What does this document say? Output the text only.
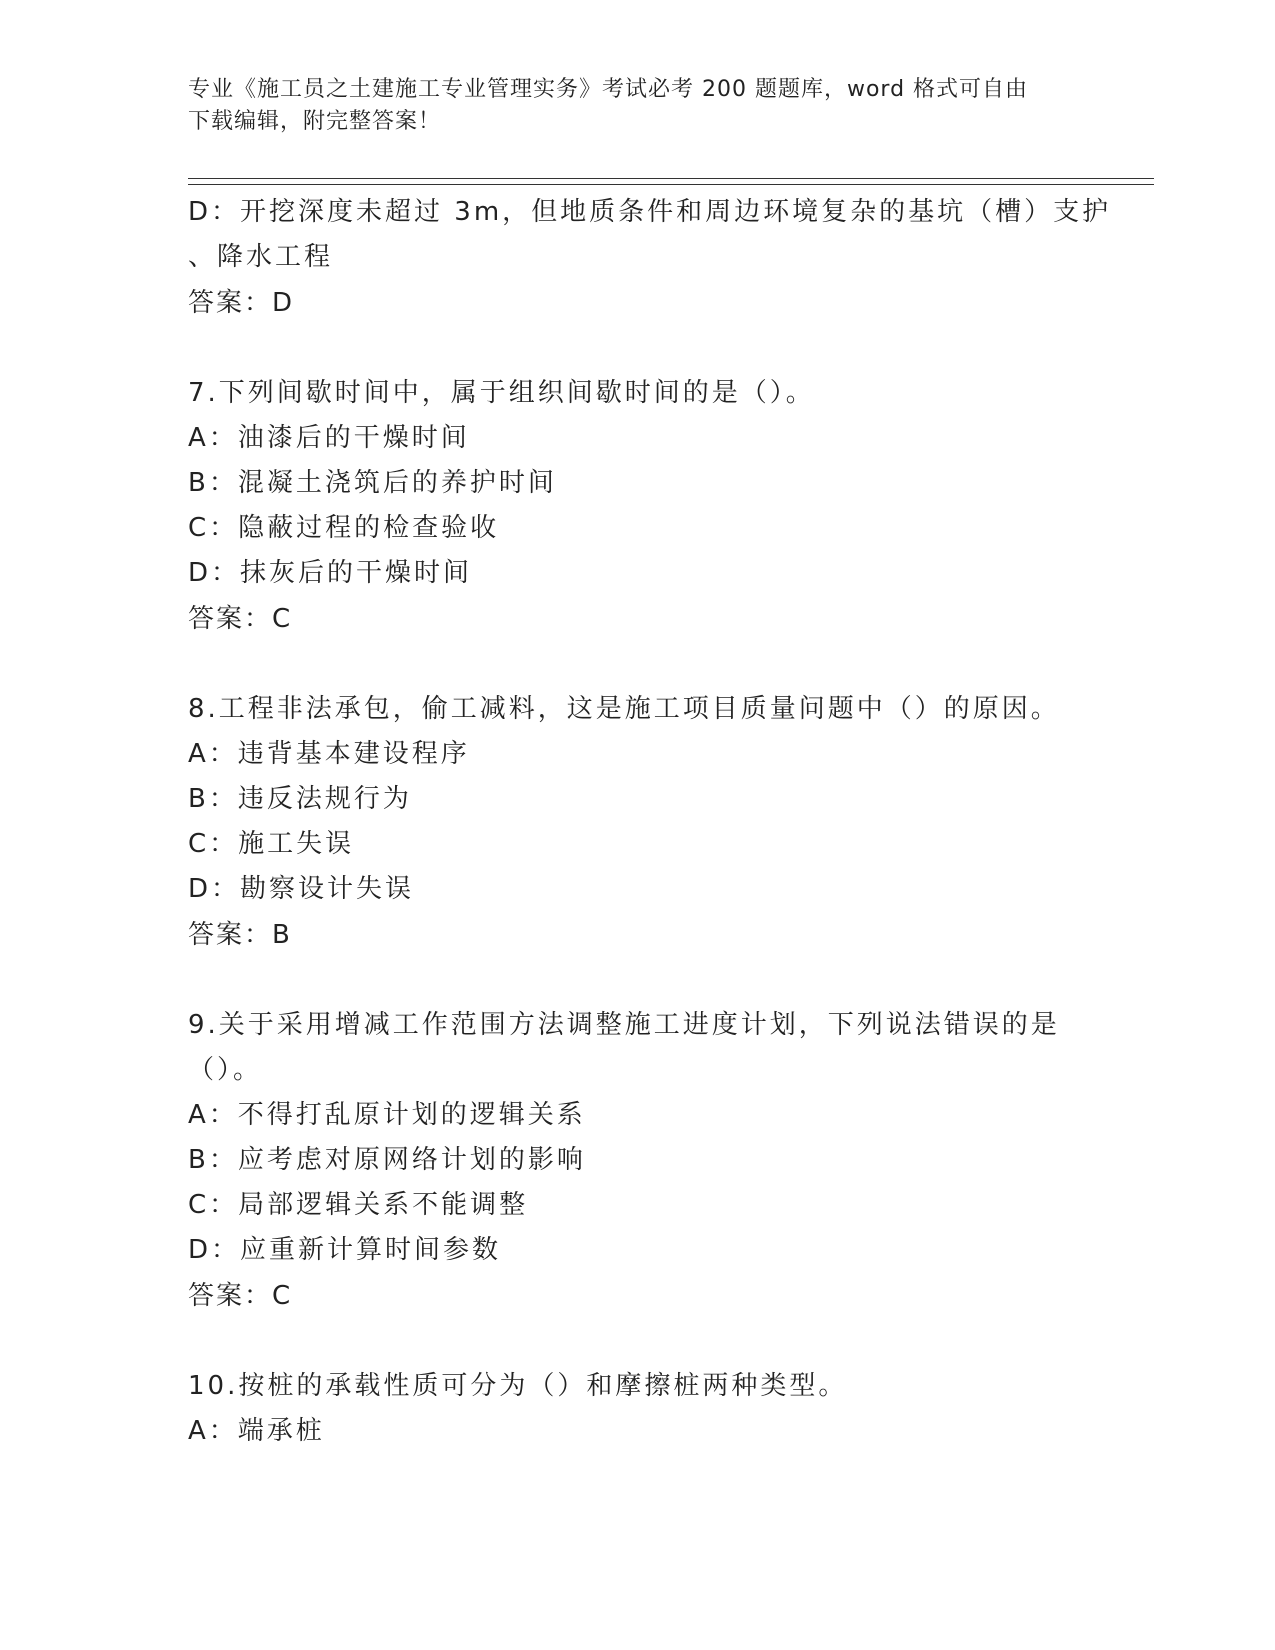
专业《施工员之土建施工专业管理实务》考试必考 200 题题库，word 格式可自由
下载编辑，附完整答案！
D：开挖深度未超过 3m，但地质条件和周边环境复杂的基坑（槽）支护
、降水工程
答案：D
7.下列间歇时间中，属于组织间歇时间的是（）。
A：油漆后的干燥时间
B：混凝土浇筑后的养护时间
C：隐蔽过程的检查验收
D：抹灰后的干燥时间
答案：C
8.工程非法承包，偷工减料，这是施工项目质量问题中（）的原因。
A：违背基本建设程序
B：违反法规行为
C：施工失误
D：勘察设计失误
答案：B
9.关于采用增减工作范围方法调整施工进度计划，下列说法错误的是
（）。
A：不得打乱原计划的逻辑关系
B：应考虑对原网络计划的影响
C：局部逻辑关系不能调整
D：应重新计算时间参数
答案：C
10.按桩的承载性质可分为（）和摩擦桩两种类型。
A：端承桩
